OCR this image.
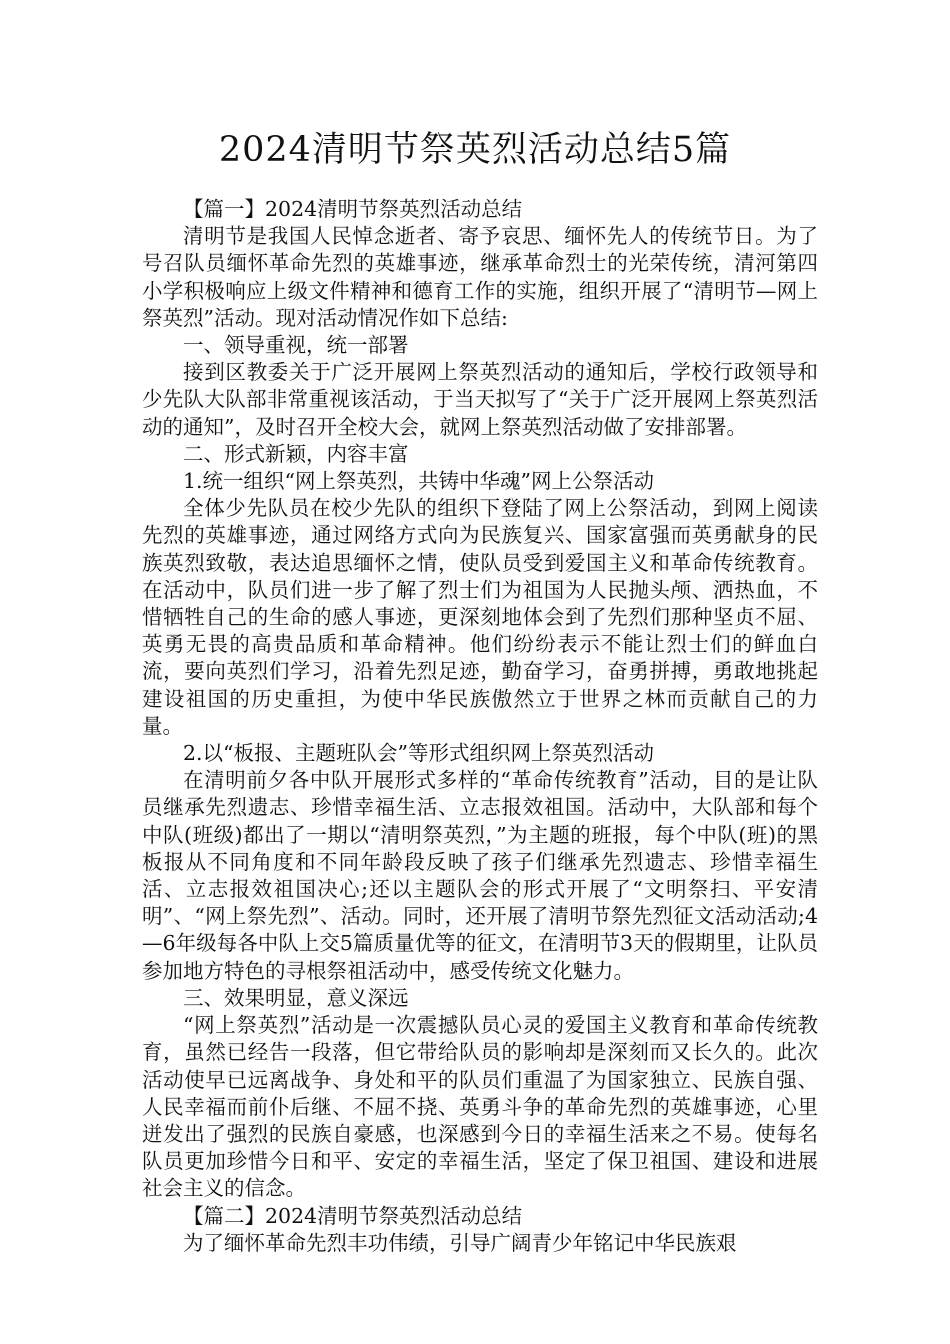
2024清明节祭英烈活动总结5篇

【篇一】2024清明节祭英烈活动总结

清明节是我国人民悼念逝者、寄予哀思、缅怀先人的传统节日。为了号召队员缅怀革命先烈的英雄事迹，继承革命烈士的光荣传统，清河第四小学积极响应上级文件精神和德育工作的实施，组织开展了“清明节—网上祭英烈”活动。现对活动情况作如下总结:

一、领导重视，统一部署

接到区教委关于广泛开展网上祭英烈活动的通知后，学校行政领导和少先队大队部非常重视该活动，于当天拟写了“关于广泛开展网上祭英烈活动的通知”，及时召开全校大会，就网上祭英烈活动做了安排部署。

二、形式新颖，内容丰富

1.统一组织“网上祭英烈，共铸中华魂”网上公祭活动

全体少先队员在校少先队的组织下登陆了网上公祭活动，到网上阅读先烈的英雄事迹，通过网络方式向为民族复兴、国家富强而英勇献身的民族英烈致敬，表达追思缅怀之情，使队员受到爱国主义和革命传统教育。在活动中，队员们进一步了解了烈士们为祖国为人民抛头颅、洒热血，不惜牺牲自己的生命的感人事迹，更深刻地体会到了先烈们那种坚贞不屈、英勇无畏的高贵品质和革命精神。他们纷纷表示不能让烈士们的鲜血白流，要向英烈们学习，沿着先烈足迹，勤奋学习，奋勇拼搏，勇敢地挑起建设祖国的历史重担，为使中华民族傲然立于世界之林而贡献自己的力量。

2.以“板报、主题班队会”等形式组织网上祭英烈活动

在清明前夕各中队开展形式多样的“革命传统教育”活动，目的是让队员继承先烈遗志、珍惜幸福生活、立志报效祖国。活动中，大队部和每个中队(班级)都出了一期以“清明祭英烈，”为主题的班报，每个中队(班)的黑板报从不同角度和不同年龄段反映了孩子们继承先烈遗志、珍惜幸福生活、立志报效祖国决心;还以主题队会的形式开展了“文明祭扫、平安清明”、“网上祭先烈”、活动。同时，还开展了清明节祭先烈征文活动活动;4—6年级每各中队上交5篇质量优等的征文，在清明节3天的假期里，让队员参加地方特色的寻根祭祖活动中，感受传统文化魅力。

三、效果明显，意义深远

“网上祭英烈”活动是一次震撼队员心灵的爱国主义教育和革命传统教育，虽然已经告一段落，但它带给队员的影响却是深刻而又长久的。此次活动使早已远离战争、身处和平的队员们重温了为国家独立、民族自强、人民幸福而前仆后继、不屈不挠、英勇斗争的革命先烈的英雄事迹，心里迸发出了强烈的民族自豪感，也深感到今日的幸福生活来之不易。使每名队员更加珍惜今日和平、安定的幸福生活，坚定了保卫祖国、建设和进展社会主义的信念。

【篇二】2024清明节祭英烈活动总结

为了缅怀革命先烈丰功伟绩，引导广阔青少年铭记中华民族艰
